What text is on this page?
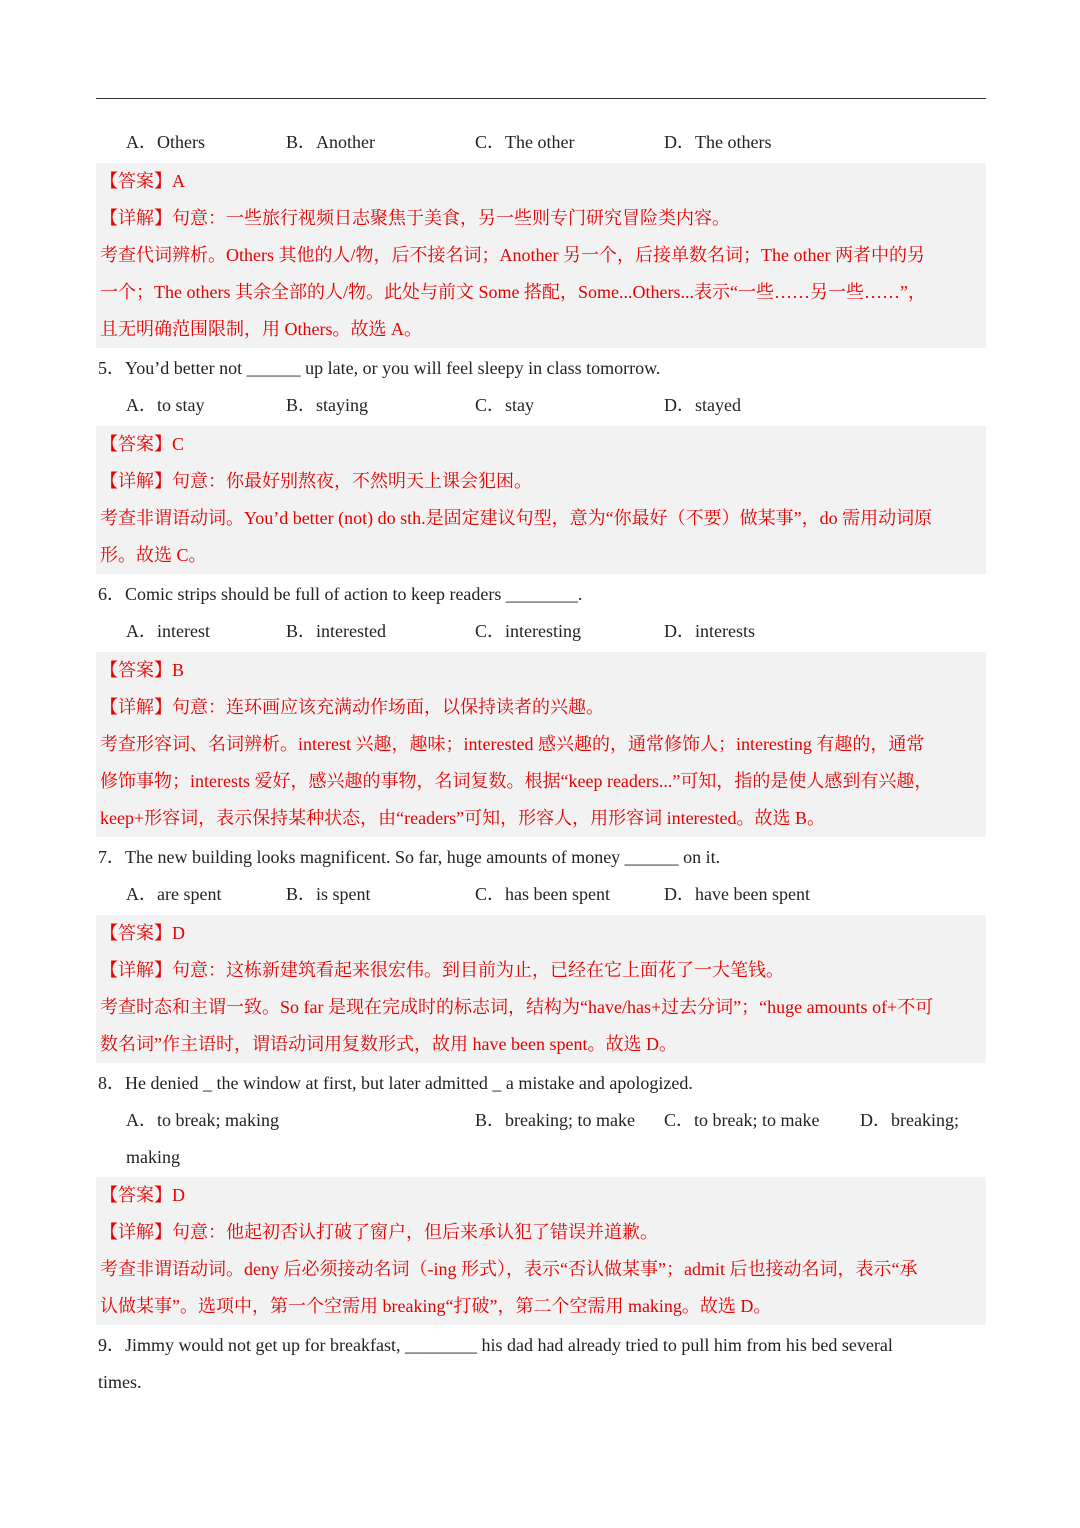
A．Others	B．Another	C．The other	D．The others
【答案】A
【详解】句意：一些旅行视频日志聚焦于美食，另一些则专门研究冒险类内容。
考查代词辨析。Others 其他的人/物，后不接名词；Another 另一个，后接单数名词；The other 两者中的另
一个；The others 其余全部的人/物。此处与前文 Some 搭配，Some...Others...表示“一些……另一些……”，
且无明确范围限制，用 Others。故选 A。
5．You’d better not ______ up late, or you will feel sleepy in class tomorrow.
A．to stay	B．staying	C．stay	D．stayed
【答案】C
【详解】句意：你最好别熬夜，不然明天上课会犯困。
考查非谓语动词。You’d better (not) do sth.是固定建议句型，意为“你最好（不要）做某事”，do 需用动词原
形。故选 C。
6．Comic strips should be full of action to keep readers ________.
A．interest	B．interested	C．interesting	D．interests
【答案】B
【详解】句意：连环画应该充满动作场面，以保持读者的兴趣。
考查形容词、名词辨析。interest 兴趣，趣味；interested 感兴趣的，通常修饰人；interesting 有趣的，通常
修饰事物；interests 爱好，感兴趣的事物，名词复数。根据“keep readers...”可知，指的是使人感到有兴趣，
keep+形容词，表示保持某种状态，由“readers”可知，形容人，用形容词 interested。故选 B。
7．The new building looks magnificent. So far, huge amounts of money ______ on it.
A．are spent	B．is spent	C．has been spent	D．have been spent
【答案】D
【详解】句意：这栋新建筑看起来很宏伟。到目前为止，已经在它上面花了一大笔钱。
考查时态和主谓一致。So far 是现在完成时的标志词，结构为“have/has+过去分词”；“huge amounts of+不可
数名词”作主语时，谓语动词用复数形式，故用 have been spent。故选 D。
8．He denied _ the window at first, but later admitted _ a mistake and apologized.
A．to break; making	B．breaking; to make C．to break; to make D．breaking;
making
【答案】D
【详解】句意：他起初否认打破了窗户，但后来承认犯了错误并道歉。
考查非谓语动词。deny 后必须接动名词（-ing 形式），表示“否认做某事”；admit 后也接动名词，表示“承
认做某事”。选项中，第一个空需用 breaking“打破”，第二个空需用 making。故选 D。
9．Jimmy would not get up for breakfast, ________ his dad had already tried to pull him from his bed several
times.
